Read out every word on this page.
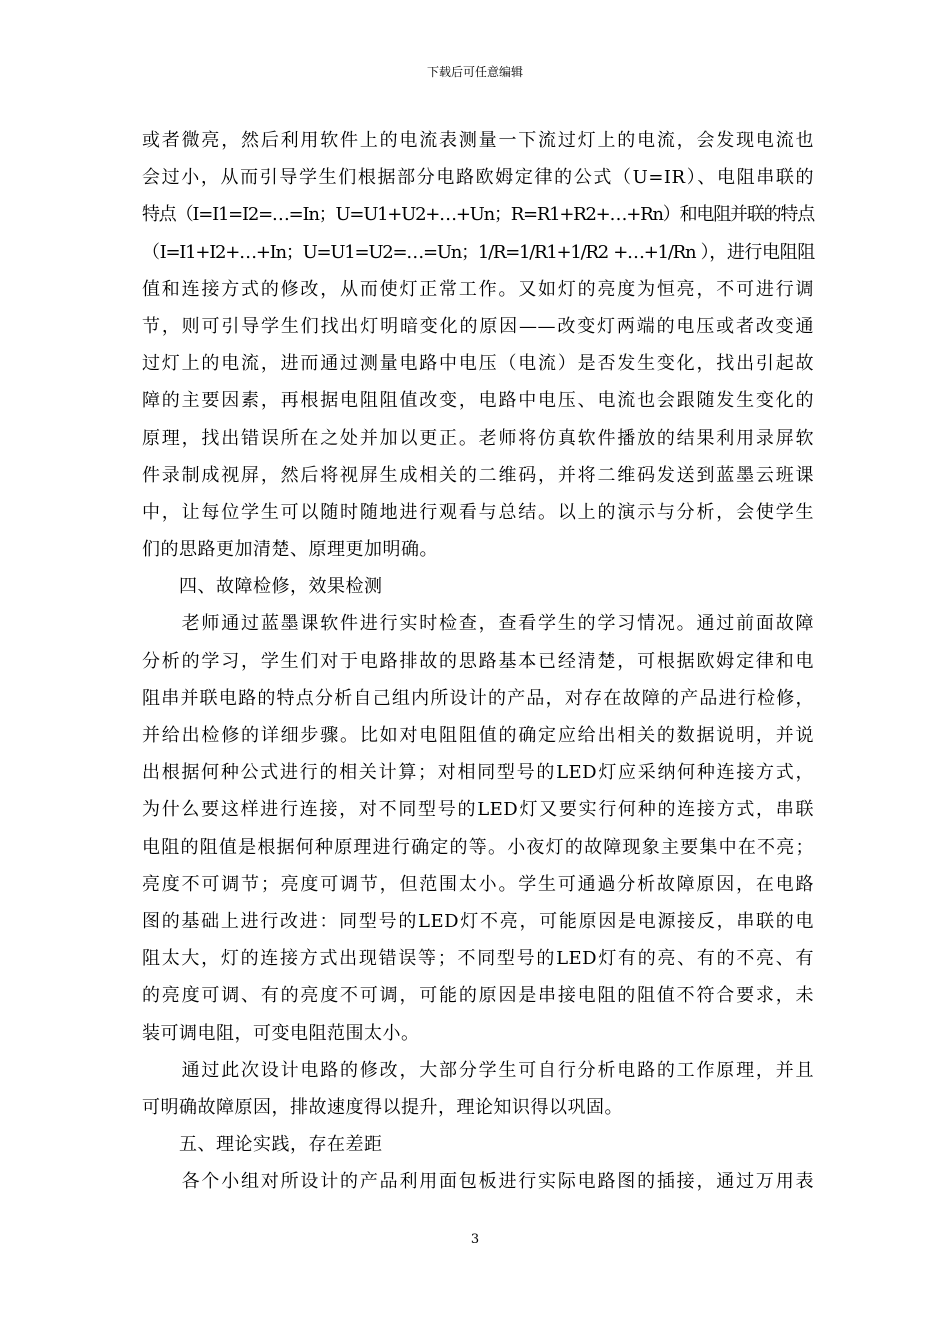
下载后可任意编辑
或者微亮，然后利用软件上的电流表测量一下流过灯上的电流，会发现电流也
会过小，从而引导学生们根据部分电路欧姆定律的公式（U=IR）、电阻串联的
特点（I=I1=I2=…=In；U=U1+U2+…+Un；R=R1+R2+…+Rn）和电阻并联的特点
（I=I1+I2+…+In；U=U1=U2=…=Un；1/R=1/R1+1/R2 +…+1/Rn ），进行电阻阻
值和连接方式的修改，从而使灯正常工作。又如灯的亮度为恒亮，不可进行调
节，则可引导学生们找出灯明暗变化的原因——改变灯两端的电压或者改变通
过灯上的电流，进而通过测量电路中电压（电流）是否发生变化，找出引起故
障的主要因素，再根据电阻阻值改变，电路中电压、电流也会跟随发生变化的
原理，找出错误所在之处并加以更正。老师将仿真软件播放的结果利用录屏软
件录制成视屏，然后将视屏生成相关的二维码，并将二维码发送到蓝墨云班课
中，让每位学生可以随时随地进行观看与总结。以上的演示与分析，会使学生
们的思路更加清楚、原理更加明确。
　　四、故障检修，效果检测
　　老师通过蓝墨课软件进行实时检查，查看学生的学习情况。通过前面故障
分析的学习，学生们对于电路排故的思路基本已经清楚，可根据欧姆定律和电
阻串并联电路的特点分析自己组内所设计的产品，对存在故障的产品进行检修，
并给出检修的详细步骤。比如对电阻阻值的确定应给出相关的数据说明，并说
出根据何种公式进行的相关计算；对相同型号的LED灯应采纳何种连接方式，
为什么要这样进行连接，对不同型号的LED灯又要实行何种的连接方式，串联
电阻的阻值是根据何种原理进行确定的等。小夜灯的故障现象主要集中在不亮；
亮度不可调节；亮度可调节，但范围太小。学生可通過分析故障原因，在电路
图的基础上进行改进：同型号的LED灯不亮，可能原因是电源接反，串联的电
阻太大，灯的连接方式出现错误等；不同型号的LED灯有的亮、有的不亮、有
的亮度可调、有的亮度不可调，可能的原因是串接电阻的阻值不符合要求，未
装可调电阻，可变电阻范围太小。
　　通过此次设计电路的修改，大部分学生可自行分析电路的工作原理，并且
可明确故障原因，排故速度得以提升，理论知识得以巩固。
　　五、理论实践，存在差距
　　各个小组对所设计的产品利用面包板进行实际电路图的插接，通过万用表
3
